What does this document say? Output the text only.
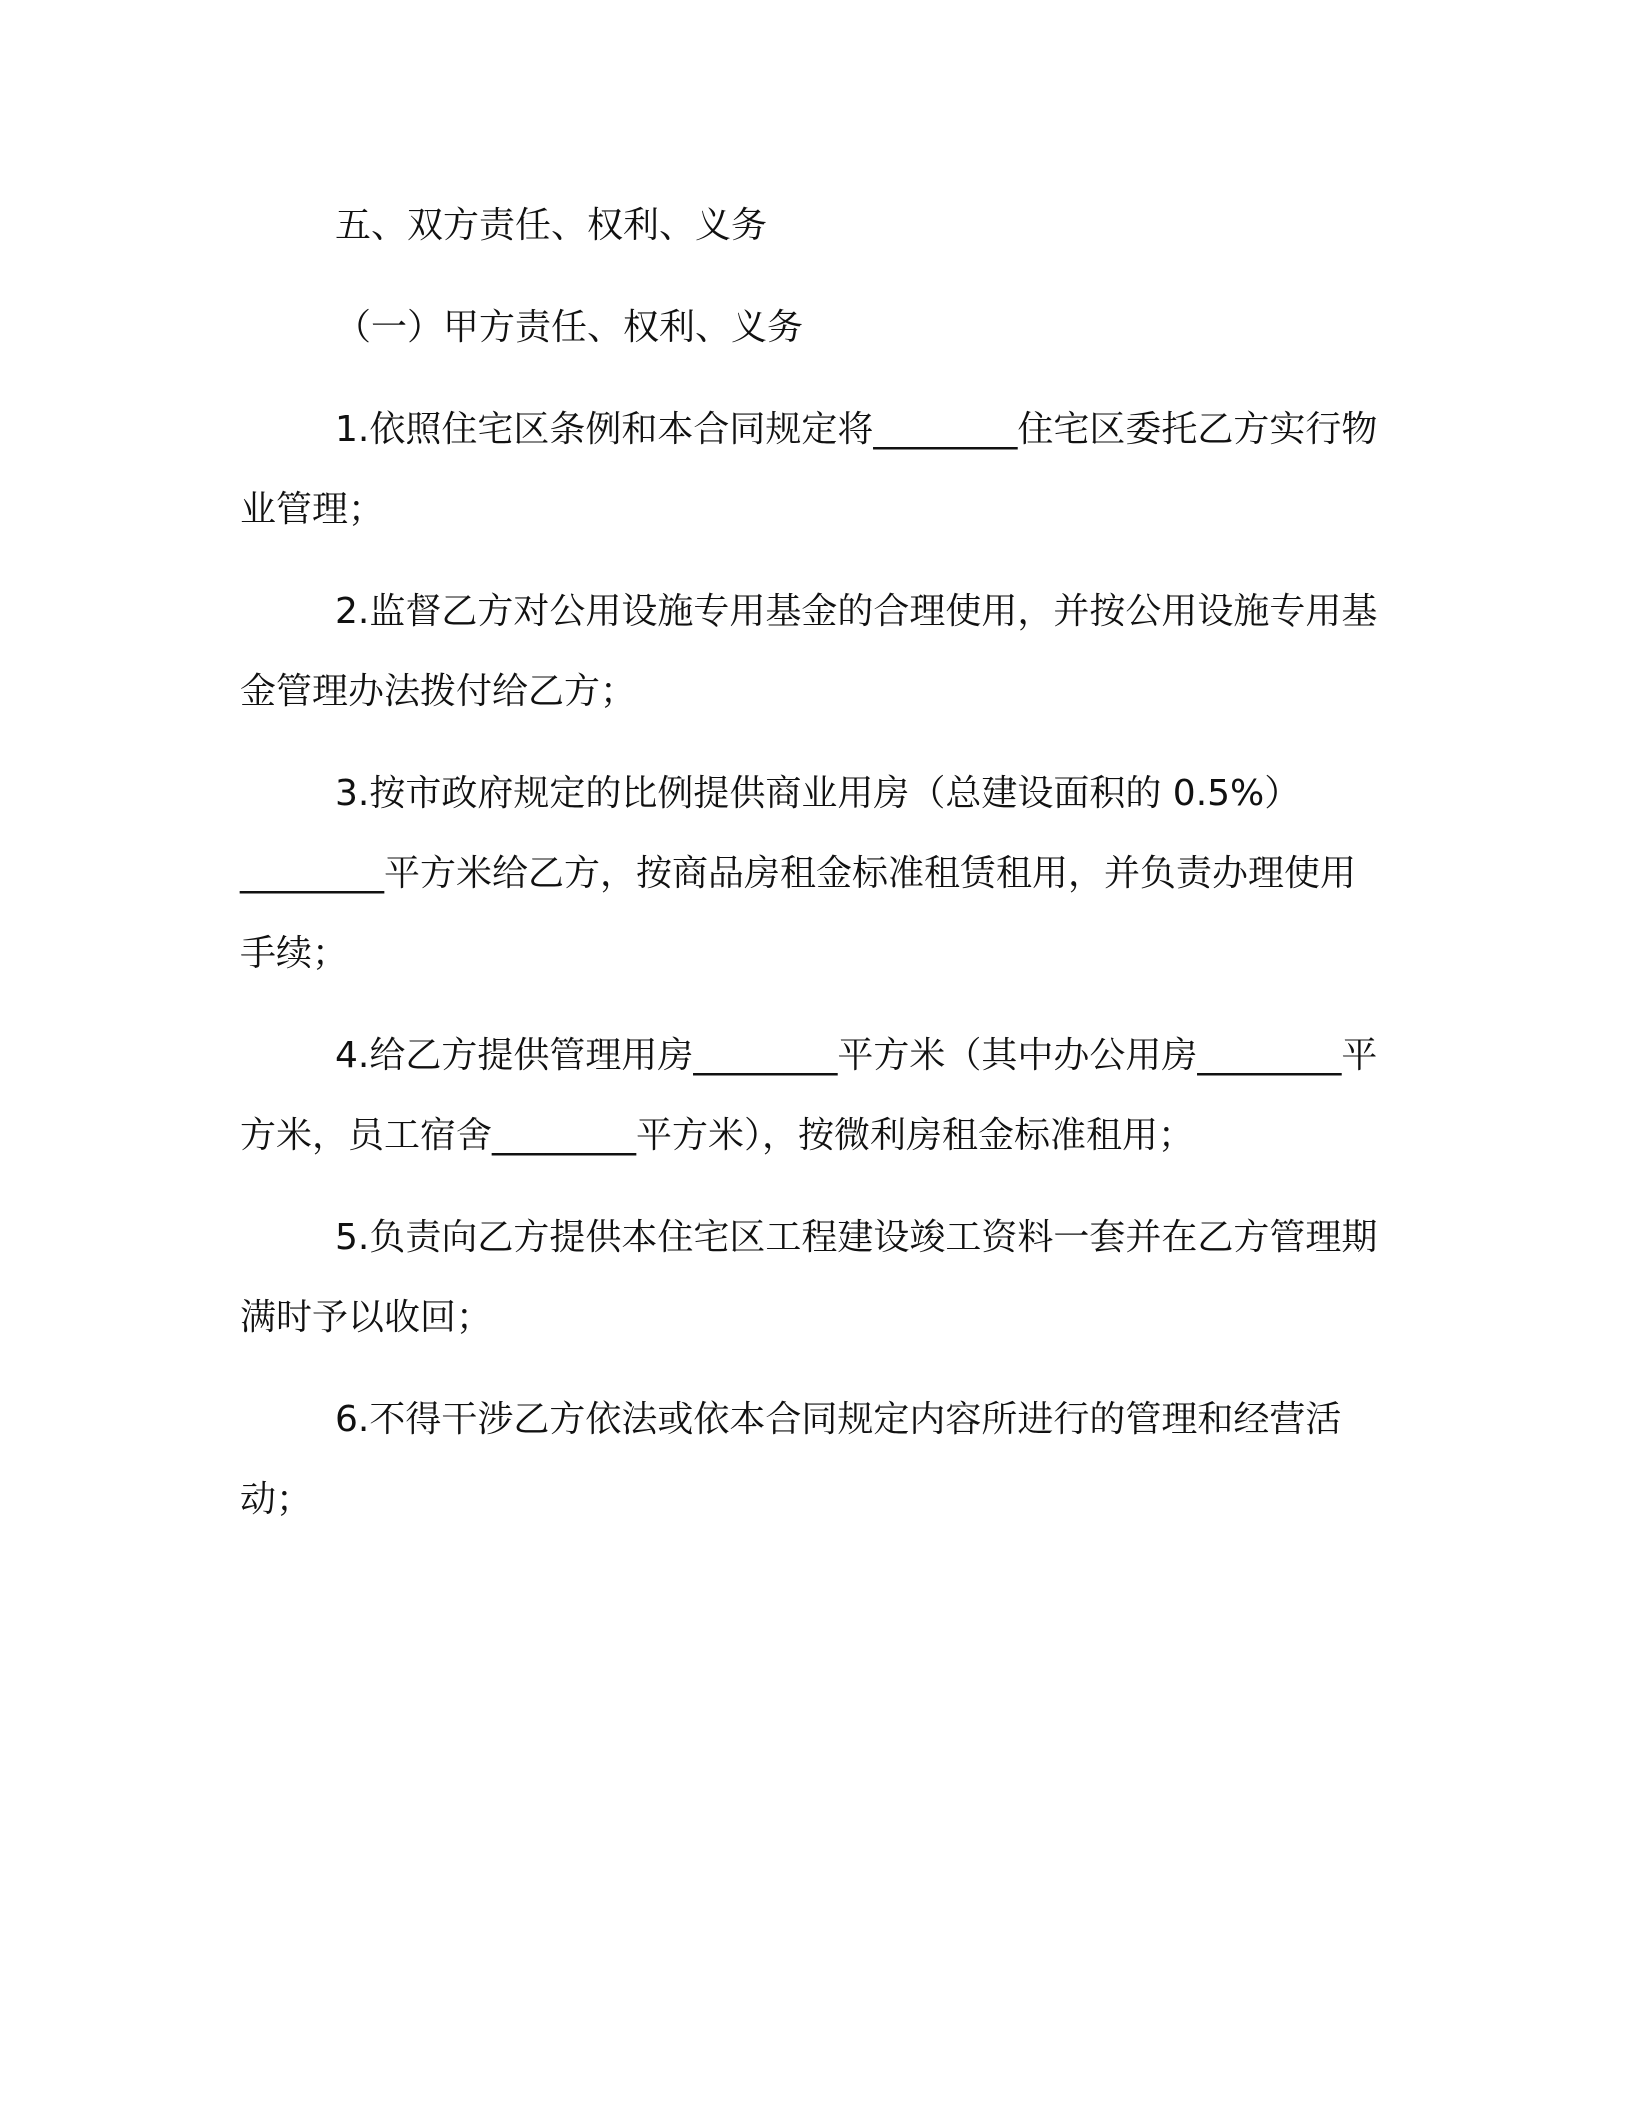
五、双方责任、权利、义务

（一）甲方责任、权利、义务

1.依照住宅区条例和本合同规定将________住宅区委托乙方实行物业管理；

2.监督乙方对公用设施专用基金的合理使用，并按公用设施专用基金管理办法拨付给乙方；

3.按市政府规定的比例提供商业用房（总建设面积的 0.5%）________平方米给乙方，按商品房租金标准租赁租用，并负责办理使用手续；

4.给乙方提供管理用房________平方米（其中办公用房________平方米，员工宿舍________平方米），按微利房租金标准租用；

5.负责向乙方提供本住宅区工程建设竣工资料一套并在乙方管理期满时予以收回；

6.不得干涉乙方依法或依本合同规定内容所进行的管理和经营活动；
